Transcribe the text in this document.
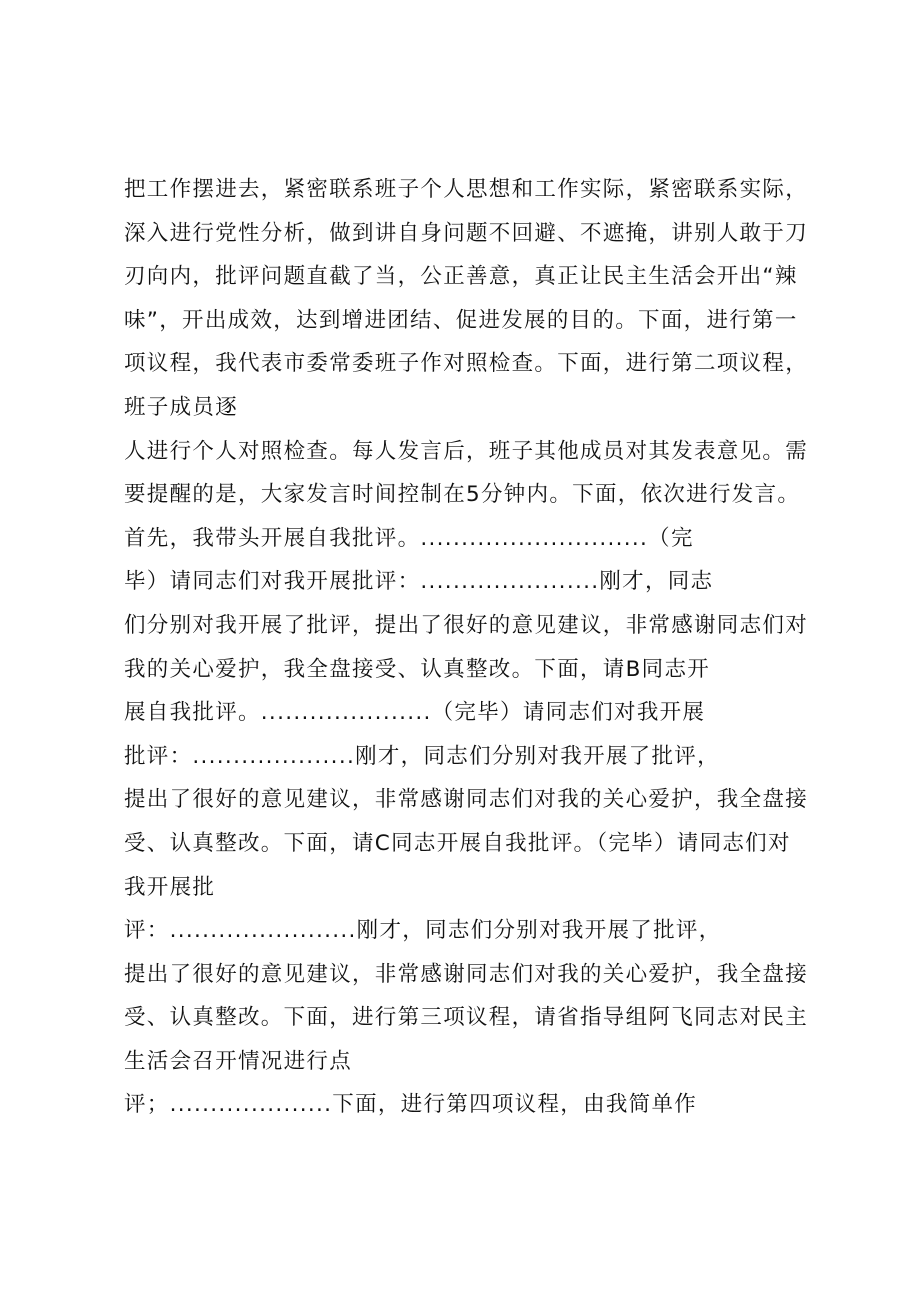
把工作摆进去，紧密联系班子个人思想和工作实际，紧密联系实际，
深入进行党性分析，做到讲自身问题不回避、不遮掩，讲别人敢于刀
刃向内，批评问题直截了当，公正善意，真正让民主生活会开出“辣
味”，开出成效，达到增进团结、促进发展的目的。下面，进行第一
项议程，我代表市委常委班子作对照检查。下面，进行第二项议程，
班子成员逐
人进行个人对照检查。每人发言后，班子其他成员对其发表意见。需
要提醒的是，大家发言时间控制在5分钟内。下面，依次进行发言。
首先，我带头开展自我批评。............................（完
毕）请同志们对我开展批评：......................刚才，同志
们分别对我开展了批评，提出了很好的意见建议，非常感谢同志们对
我的关心爱护，我全盘接受、认真整改。下面，请B同志开
展自我批评。.....................（完毕）请同志们对我开展
批评：....................刚才，同志们分别对我开展了批评，
提出了很好的意见建议，非常感谢同志们对我的关心爱护，我全盘接
受、认真整改。下面，请C同志开展自我批评。（完毕）请同志们对
我开展批
评：.......................刚才，同志们分别对我开展了批评，
提出了很好的意见建议，非常感谢同志们对我的关心爱护，我全盘接
受、认真整改。下面，进行第三项议程，请省指导组阿飞同志对民主
生活会召开情况进行点
评；....................下面，进行第四项议程，由我简单作
